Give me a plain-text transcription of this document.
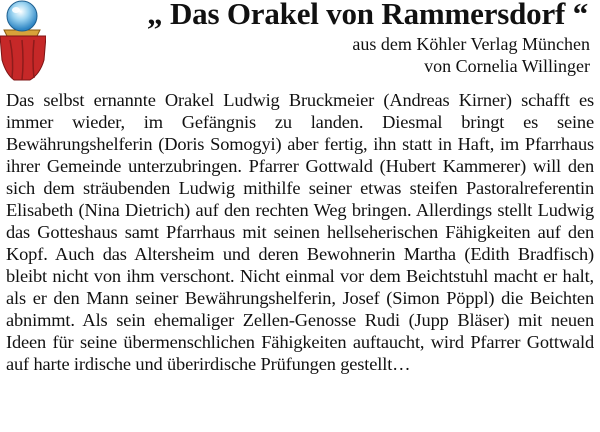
„ Das Orakel von Rammersdorf “
aus dem Köhler Verlag München
von Cornelia Willinger

Das selbst ernannte Orakel Ludwig Bruckmeier (Andreas Kirner) schafft es immer wieder, im Gefängnis zu landen. Diesmal bringt es seine Bewährungshelferin (Doris Somogyi) aber fertig, ihn statt in Haft, im Pfarrhaus ihrer Gemeinde unterzubringen. Pfarrer Gottwald (Hubert Kammerer) will den sich dem sträubenden Ludwig mithilfe seiner etwas steifen Pastoralreferentin Elisabeth (Nina Dietrich) auf den rechten Weg bringen. Allerdings stellt Ludwig das Gotteshaus samt Pfarrhaus mit seinen hellseherischen Fähigkeiten auf den Kopf. Auch das Altersheim und deren Bewohnerin Martha (Edith Bradfisch) bleibt nicht von ihm verschont. Nicht einmal vor dem Beichtstuhl macht er halt, als er den Mann seiner Bewährungshelferin, Josef (Simon Pöppl) die Beichten abnimmt. Als sein ehemaliger Zellen-Genosse Rudi (Jupp Bläser) mit neuen Ideen für seine übermenschlichen Fähigkeiten auftaucht, wird Pfarrer Gottwald auf harte irdische und überirdische Prüfungen gestellt…
